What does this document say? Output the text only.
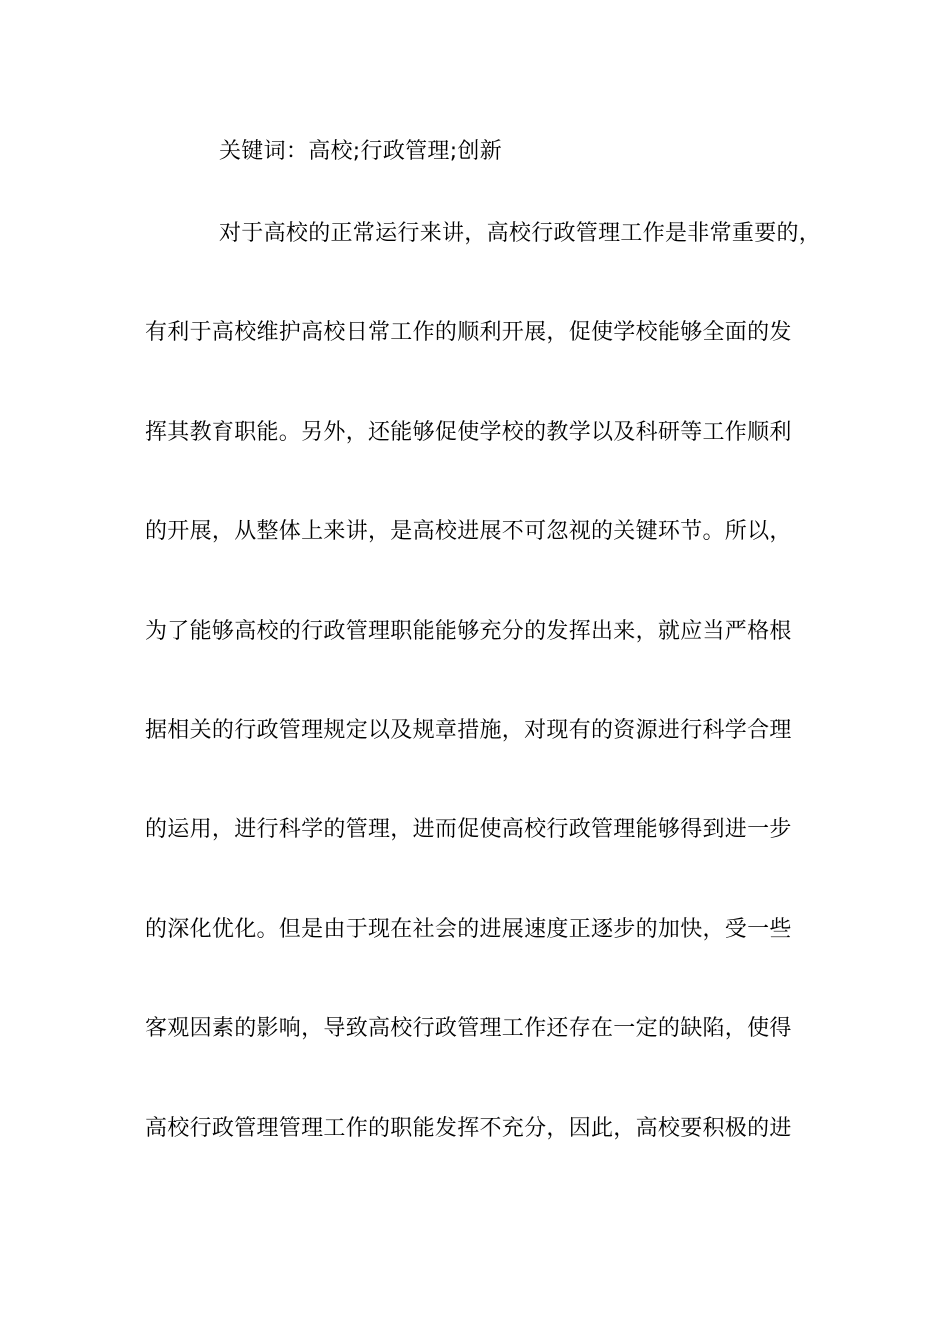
关键词：高校;行政管理;创新
对于高校的正常运行来讲，高校行政管理工作是非常重要的，
有利于高校维护高校日常工作的顺利开展，促使学校能够全面的发
挥其教育职能。另外，还能够促使学校的教学以及科研等工作顺利
的开展，从整体上来讲，是高校进展不可忽视的关键环节。所以，
为了能够高校的行政管理职能能够充分的发挥出来，就应当严格根
据相关的行政管理规定以及规章措施，对现有的资源进行科学合理
的运用，进行科学的管理，进而促使高校行政管理能够得到进一步
的深化优化。但是由于现在社会的进展速度正逐步的加快，受一些
客观因素的影响，导致高校行政管理工作还存在一定的缺陷，使得
高校行政管理管理工作的职能发挥不充分，因此，高校要积极的进
